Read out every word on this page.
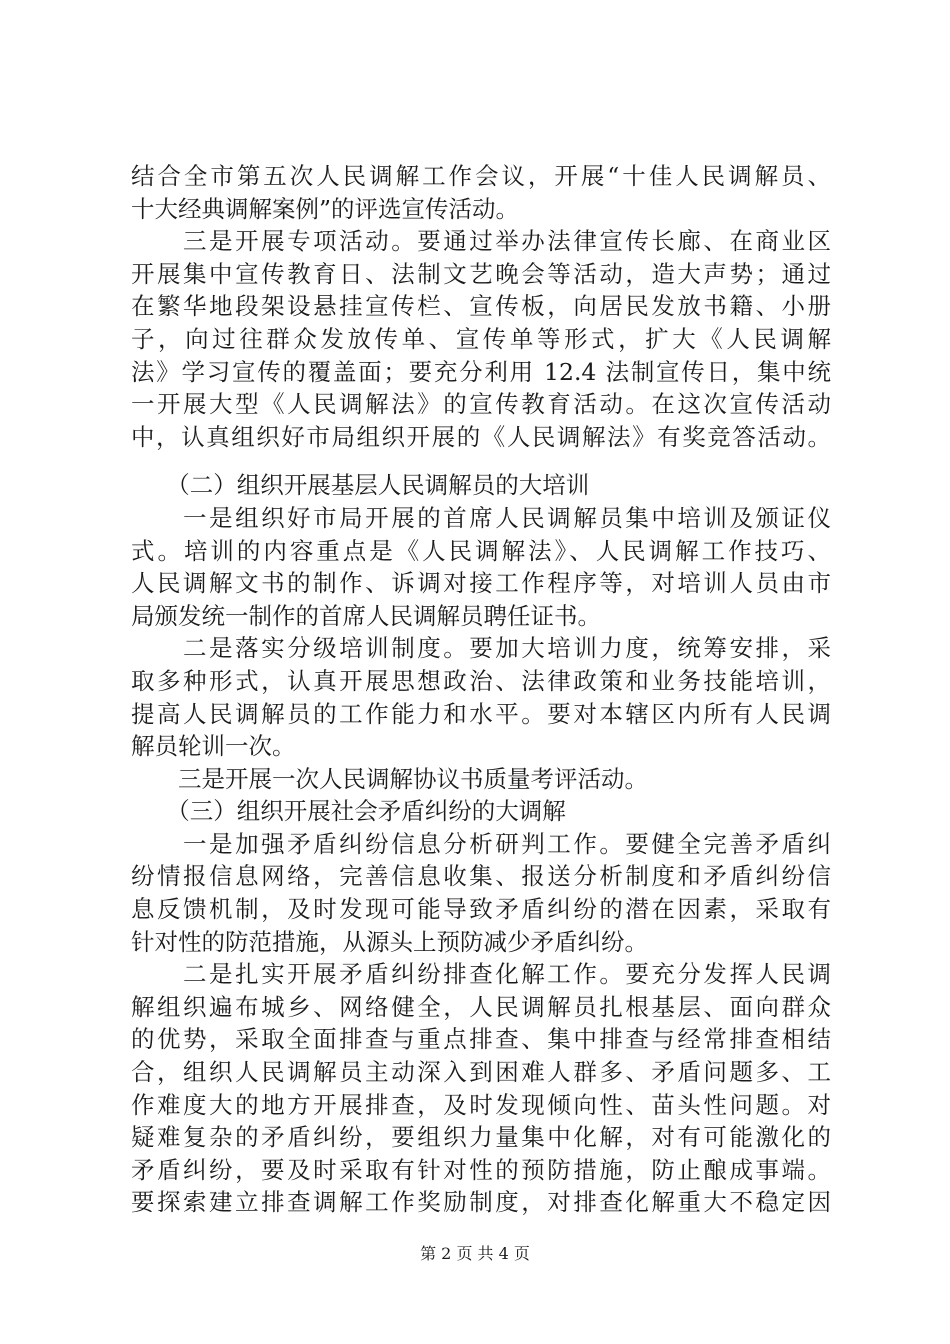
结合全市第五次人民调解工作会议，开展“十佳人民调解员、
十大经典调解案例”的评选宣传活动。
　　三是开展专项活动。要通过举办法律宣传长廊、在商业区
开展集中宣传教育日、法制文艺晚会等活动，造大声势；通过
在繁华地段架设悬挂宣传栏、宣传板，向居民发放书籍、小册
子，向过往群众发放传单、宣传单等形式，扩大《人民调解
法》学习宣传的覆盖面；要充分利用 12.4 法制宣传日，集中统
一开展大型《人民调解法》的宣传教育活动。在这次宣传活动
中，认真组织好市局组织开展的《人民调解法》有奖竞答活动。
　　（二）组织开展基层人民调解员的大培训
　　一是组织好市局开展的首席人民调解员集中培训及颁证仪
式。培训的内容重点是《人民调解法》、人民调解工作技巧、
人民调解文书的制作、诉调对接工作程序等，对培训人员由市
局颁发统一制作的首席人民调解员聘任证书。
　　二是落实分级培训制度。要加大培训力度，统筹安排，采
取多种形式，认真开展思想政治、法律政策和业务技能培训，
提高人民调解员的工作能力和水平。要对本辖区内所有人民调
解员轮训一次。
　　三是开展一次人民调解协议书质量考评活动。
　　（三）组织开展社会矛盾纠纷的大调解
　　一是加强矛盾纠纷信息分析研判工作。要健全完善矛盾纠
纷情报信息网络，完善信息收集、报送分析制度和矛盾纠纷信
息反馈机制，及时发现可能导致矛盾纠纷的潜在因素，采取有
针对性的防范措施，从源头上预防减少矛盾纠纷。
　　二是扎实开展矛盾纠纷排查化解工作。要充分发挥人民调
解组织遍布城乡、网络健全，人民调解员扎根基层、面向群众
的优势，采取全面排查与重点排查、集中排查与经常排查相结
合，组织人民调解员主动深入到困难人群多、矛盾问题多、工
作难度大的地方开展排查，及时发现倾向性、苗头性问题。对
疑难复杂的矛盾纠纷，要组织力量集中化解，对有可能激化的
矛盾纠纷，要及时采取有针对性的预防措施，防止酿成事端。
要探索建立排查调解工作奖励制度，对排查化解重大不稳定因
第 2 页 共 4 页
